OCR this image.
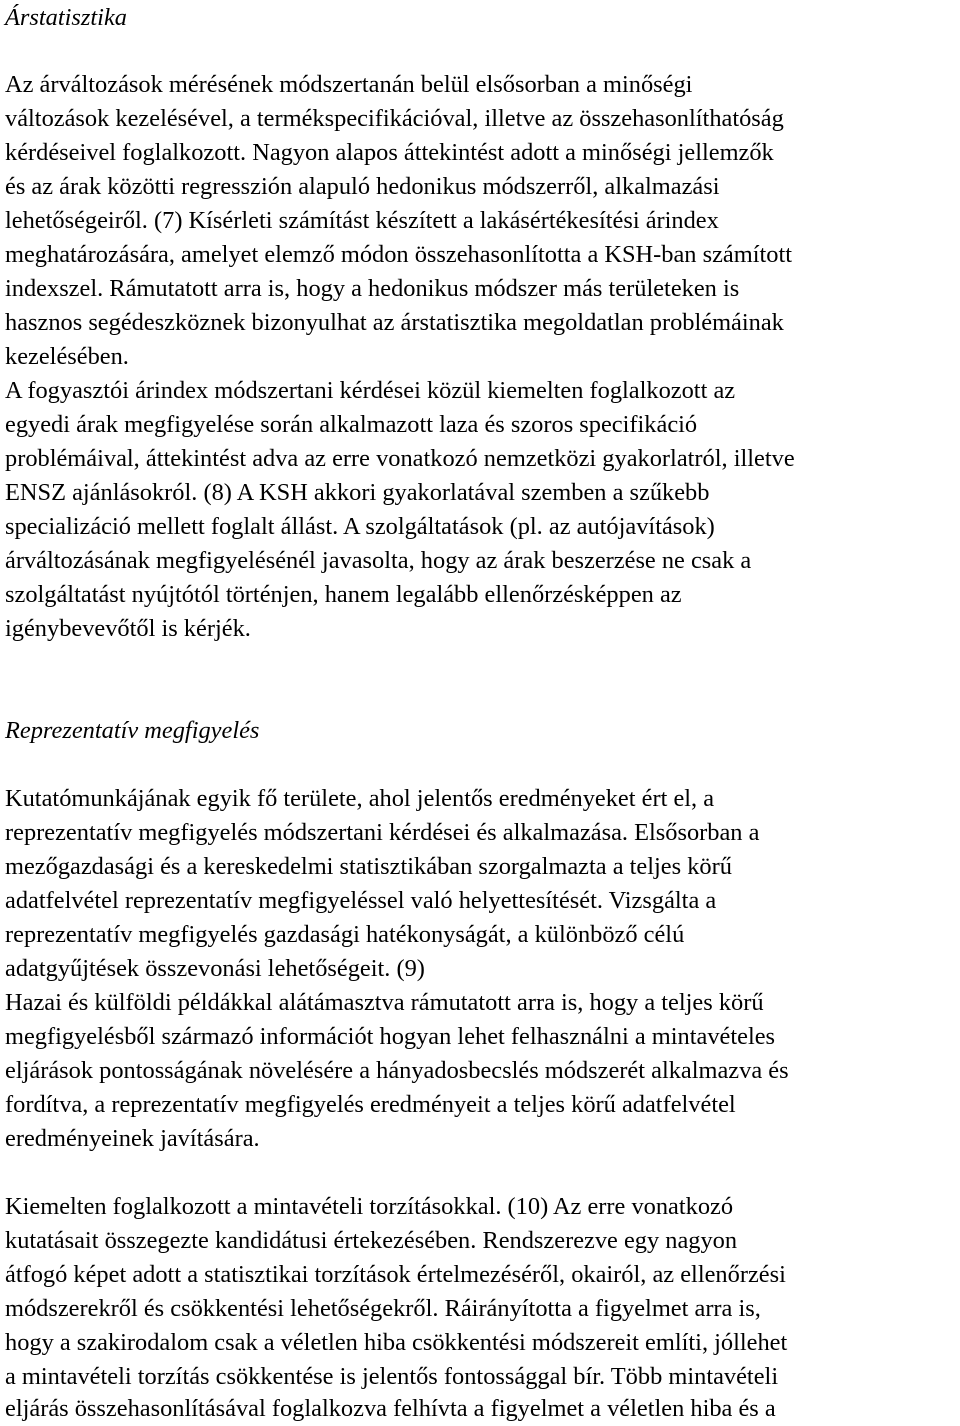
Árstatisztika
Az árváltozások mérésének módszertanán belül elsősorban a minőségi
változások kezelésével, a termékspecifikációval, illetve az összehasonlíthatóság
kérdéseivel foglalkozott. Nagyon alapos áttekintést adott a minőségi jellemzők
és az árak közötti regresszión alapuló hedonikus módszerről, alkalmazási
lehetőségeiről. (7) Kísérleti számítást készített a lakásértékesítési árindex
meghatározására, amelyet elemző módon összehasonlította a KSH-ban számított
indexszel. Rámutatott arra is, hogy a hedonikus módszer más területeken is
hasznos segédeszköznek bizonyulhat az árstatisztika megoldatlan problémáinak
kezelésében.
A fogyasztói árindex módszertani kérdései közül kiemelten foglalkozott az
egyedi árak megfigyelése során alkalmazott laza és szoros specifikáció
problémáival, áttekintést adva az erre vonatkozó nemzetközi gyakorlatról, illetve
ENSZ ajánlásokról. (8) A KSH akkori gyakorlatával szemben a szűkebb
specializáció mellett foglalt állást. A szolgáltatások (pl. az autójavítások)
árváltozásának megfigyelésénél javasolta, hogy az árak beszerzése ne csak a
szolgáltatást nyújtótól történjen, hanem legalább ellenőrzésképpen az
igénybevevőtől is kérjék.
Reprezentatív megfigyelés
Kutatómunkájának egyik fő területe, ahol jelentős eredményeket ért el, a
reprezentatív megfigyelés módszertani kérdései és alkalmazása. Elsősorban a
mezőgazdasági és a kereskedelmi statisztikában szorgalmazta a teljes körű
adatfelvétel reprezentatív megfigyeléssel való helyettesítését. Vizsgálta a
reprezentatív megfigyelés gazdasági hatékonyságát, a különböző célú
adatgyűjtések összevonási lehetőségeit. (9)
Hazai és külföldi példákkal alátámasztva rámutatott arra is, hogy a teljes körű
megfigyelésből származó információt hogyan lehet felhasználni a mintavételes
eljárások pontosságának növelésére a hányadosbecslés módszerét alkalmazva és
fordítva, a reprezentatív megfigyelés eredményeit a teljes körű adatfelvétel
eredményeinek javítására.
Kiemelten foglalkozott a mintavételi torzításokkal. (10) Az erre vonatkozó
kutatásait összegezte kandidátusi értekezésében. Rendszerezve egy nagyon
átfogó képet adott a statisztikai torzítások értelmezéséről, okairól, az ellenőrzési
módszerekről és csökkentési lehetőségekről. Ráirányította a figyelmet arra is,
hogy a szakirodalom csak a véletlen hiba csökkentési módszereit említi, jóllehet
a mintavételi torzítás csökkentése is jelentős fontossággal bír. Több mintavételi
eljárás összehasonlításával foglalkozva felhívta a figyelmet a véletlen hiba és a
